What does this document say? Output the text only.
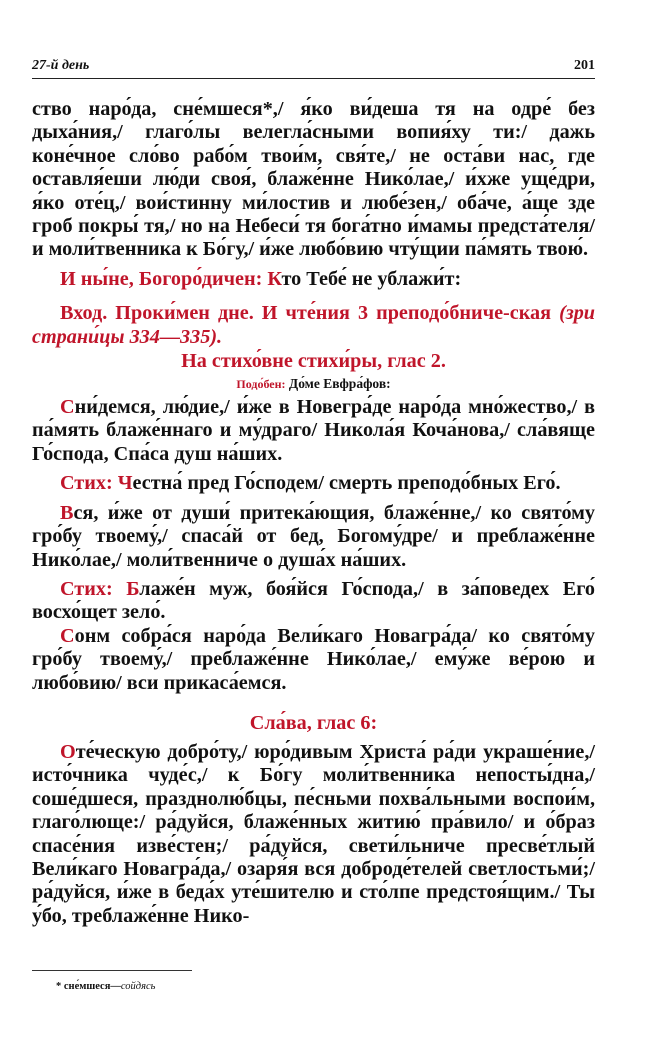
27-й день	201

ство наро́да, сне́мшеся*,/ я́ко ви́деша тя на одре́ без дыха́ния,/ глаго́лы велегла́сными вопия́ху ти:/ дажь коне́чное сло́во рабо́м твои́м, свя́те,/ не оста́ви нас, где оставля́еши лю́ди своя́, блаже́нне Нико́лае,/ и́хже уще́дри, я́ко оте́ц,/ вои́стинну ми́лостив и любе́зен,/ оба́че, а́ще зде гроб покры́ тя,/ но на Небеси́ тя бога́тно и́мамы предста́теля/ и моли́твенника к Бо́гу,/ и́же любо́вию чту́щии па́мять твою́.

И ны́не, Богоро́дичен: Кто Тебе́ не ублажи́т:

Вход. Проки́мен дне. И чте́ния 3 преподо́бниче-ская (зри страни́цы 334—335).

На стихо́вне стихи́ры, глас 2.

Подо́бен: До́ме Евфра́фов:

Сни́демся, лю́дие,/ и́же в Новегра́де наро́да мно́жество,/ в па́мять блаже́ннаго и му́драго/ Никола́я Коча́нова,/ сла́вяще Го́спода, Спа́са душ на́ших.

Стих: Честна́ пред Го́сподем/ смерть преподо́бных Его́.

Вся, и́же от души́ притека́ющия, блаже́нне,/ ко свято́му гро́бу твоему́,/ спаса́й от бед, Богому́дре/ и преблаже́нне Нико́лае,/ моли́твенниче о душа́х на́ших.

Стих: Блаже́н муж, боя́йся Го́спода,/ в за́поведех Его́ восхо́щет зело́.

Сонм собра́ся наро́да Вели́каго Новагра́да/ ко свято́му гро́бу твоему́,/ преблаже́нне Нико́лае,/ ему́же ве́рою и любо́вию/ вси прикаса́емся.

Сла́ва, глас 6:

Оте́ческую добро́ту,/ юро́дивым Христа́ ра́ди украше́ние,/ исто́чника чуде́с,/ к Бо́гу моли́твенника непосты́дна,/ соше́дшеся, празднолю́бцы, пе́сньми похва́льными воспои́м, глаго́люще:/ ра́дуйся, блаже́нных житию́ пра́вило/ и о́браз спасе́ния изве́стен;/ ра́дуйся, свети́льниче пресве́тлый Вели́каго Новагра́да,/ озаря́я вся доброде́телей светлостьми́;/ ра́дуйся, и́же в беда́х уте́шителю и сто́лпе предстоя́щим./ Ты у́бо, треблаже́нне Нико-

* сне́мшеся—сойдясь
